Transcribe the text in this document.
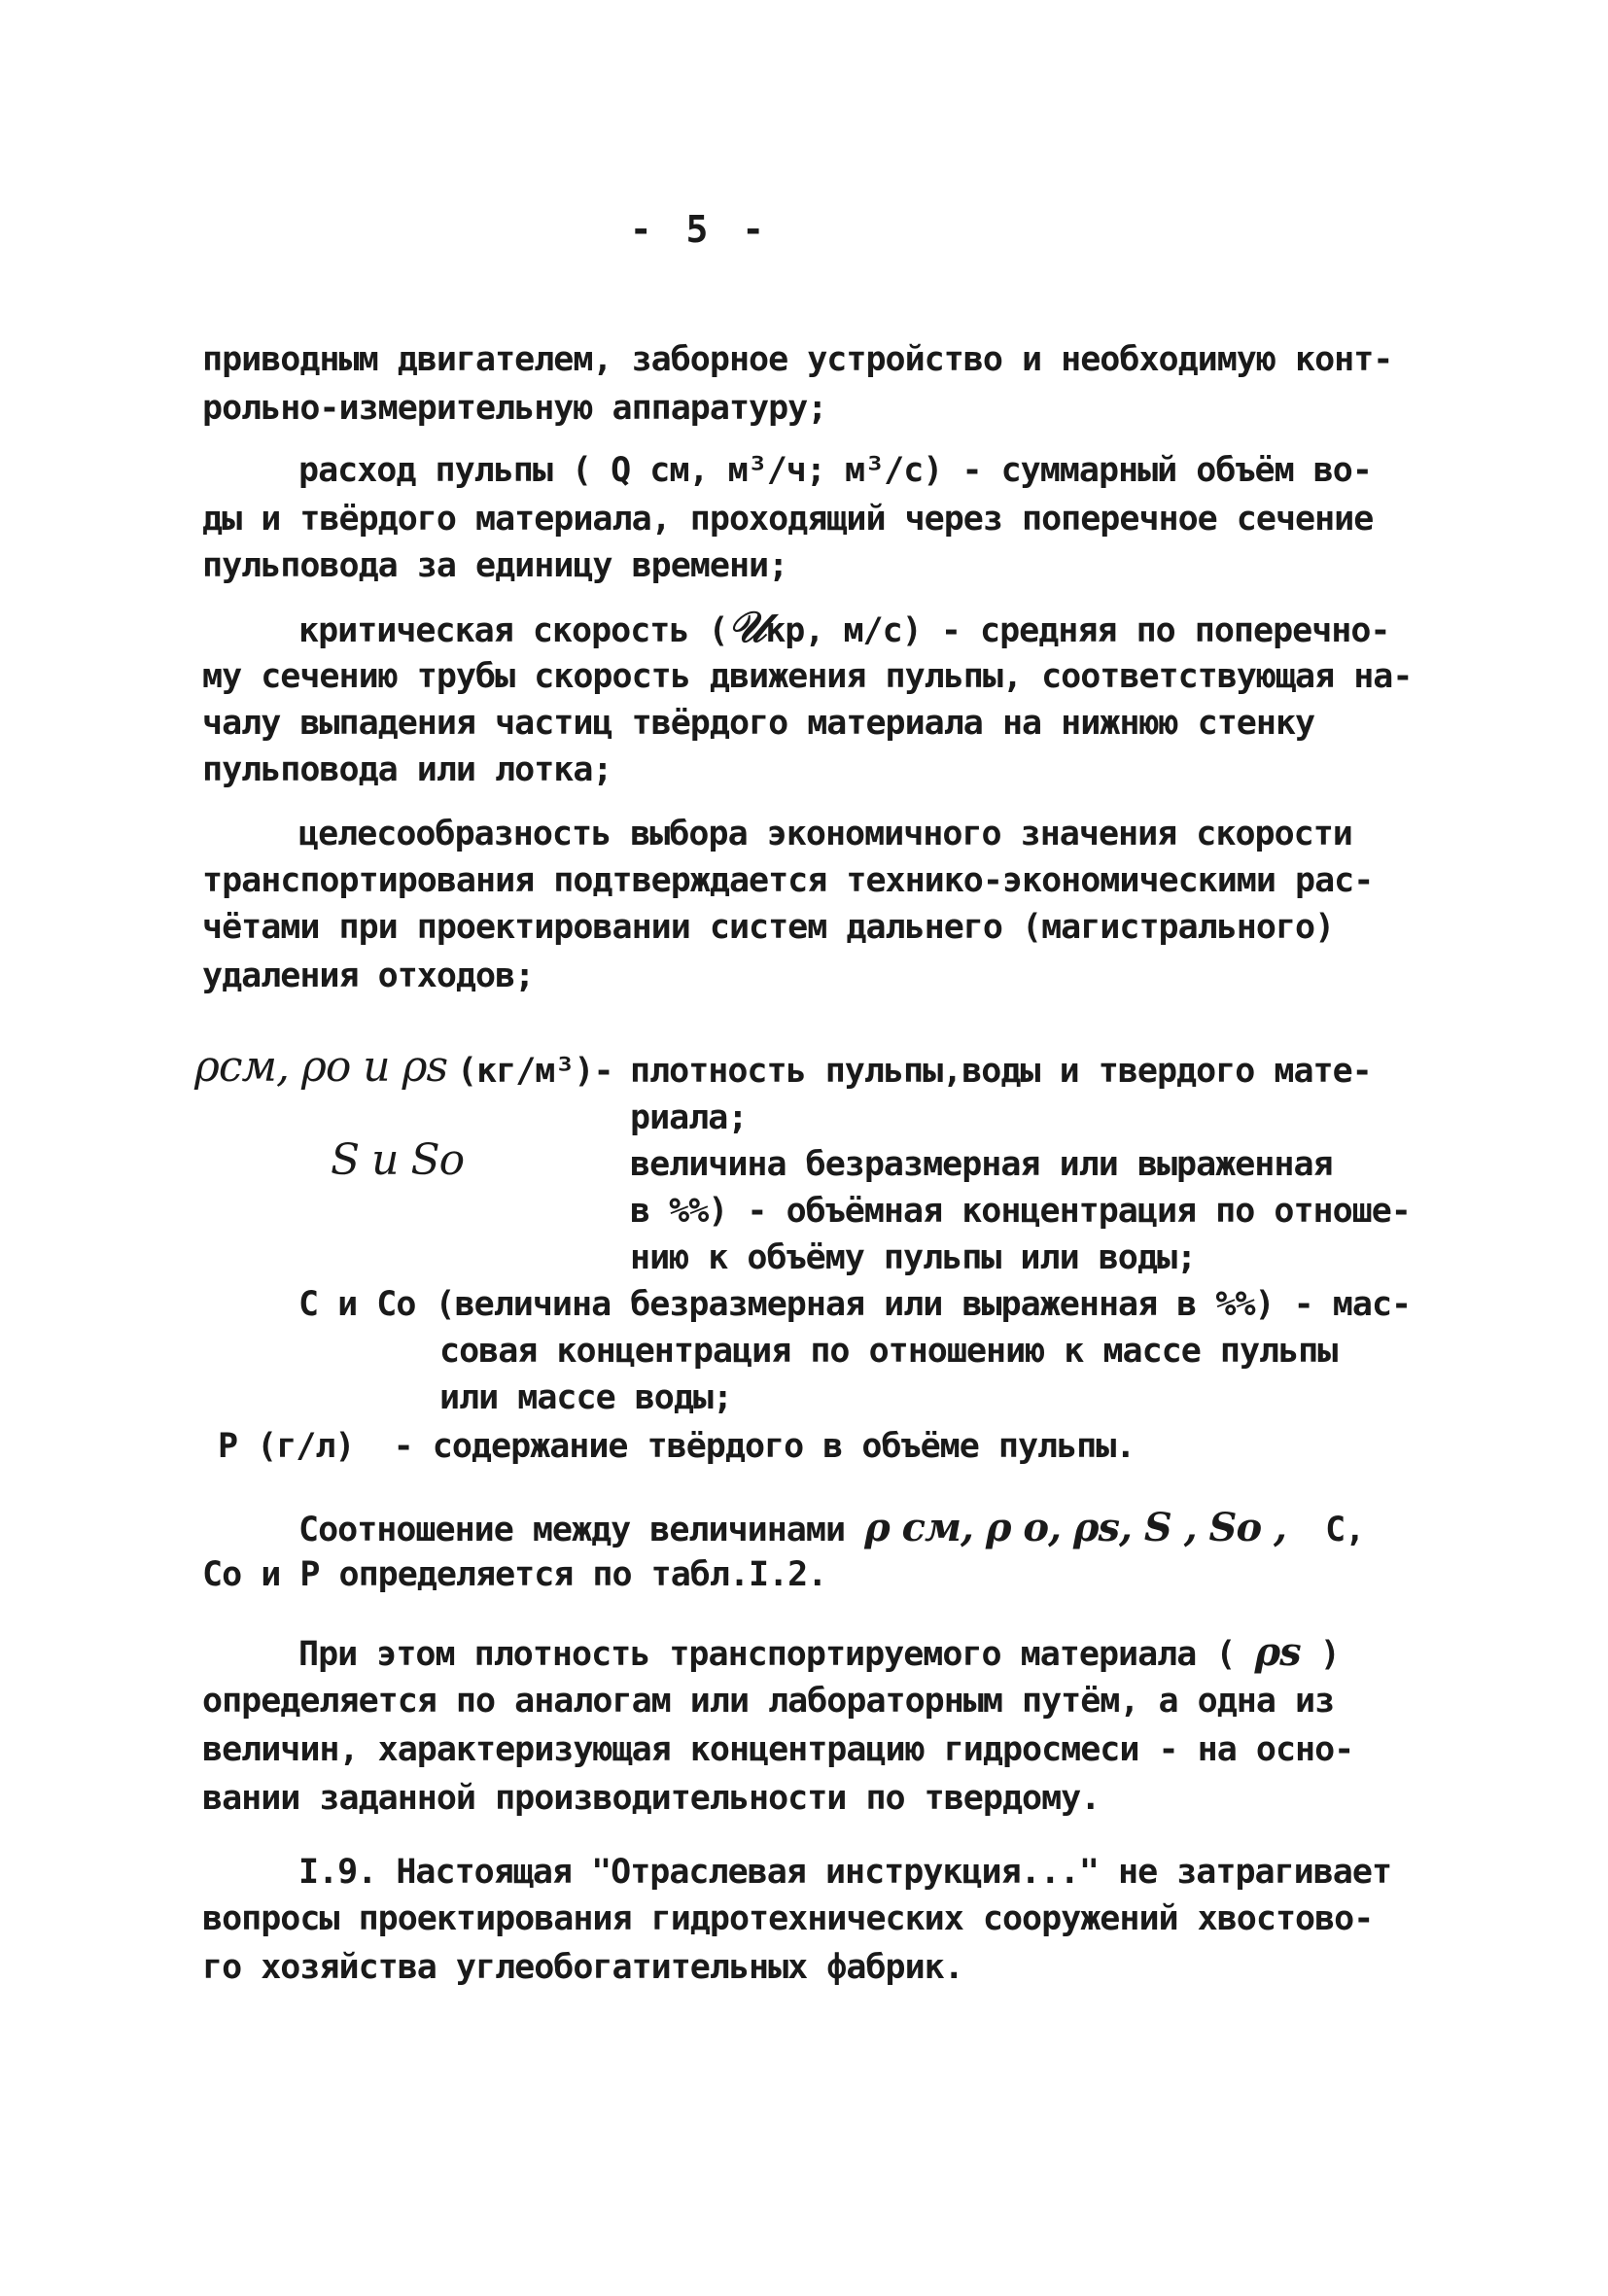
- 5 -
приводным двигателем, заборное устройство и необходимую конт-
рольно-измерительную аппаратуру;
расход пульпы ( Q см, м³/ч; м³/с) - суммарный объём во-
ды и твёрдого материала, проходящий через поперечное сечение
пульповода за единицу времени;
критическая скорость (𝒰кр, м/с) - средняя по поперечно-
му сечению трубы скорость движения пульпы, соответствующая на-
чалу выпадения частиц твёрдого материала на нижнюю стенку
пульповода или лотка;
целесообразность выбора экономичного значения скорости
транспортирования подтверждается технико-экономическими рас-
чётами при проектировании систем дальнего (магистрального)
удаления отходов;
ρсм, ρо и ρs (кг/м³)- плотность пульпы,воды и твердого мате-
риала;
S и Sо	величина безразмерная или выраженная
в %%) - объёмная концентрация по отноше-
нию к объёму пульпы или воды;
С и Со (величина безразмерная или выраженная в %%) - мас-
совая концентрация по отношению к массе пульпы
или массе воды;
Р (г/л)  - содержание твёрдого в объёме пульпы.
Соотношение между величинами ρ см, ρ о, ρs, S , Sо , С,
Со и Р определяется по табл.I.2.
При этом плотность транспортируемого материала ( ρs )
определяется по аналогам или лабораторным путём, а одна из
величин, характеризующая концентрацию гидросмеси - на осно-
вании заданной производительности по твердому.
I.9. Настоящая "Отраслевая инструкция..." не затрагивает
вопросы проектирования гидротехнических сооружений хвостово-
го хозяйства углеобогатительных фабрик.
